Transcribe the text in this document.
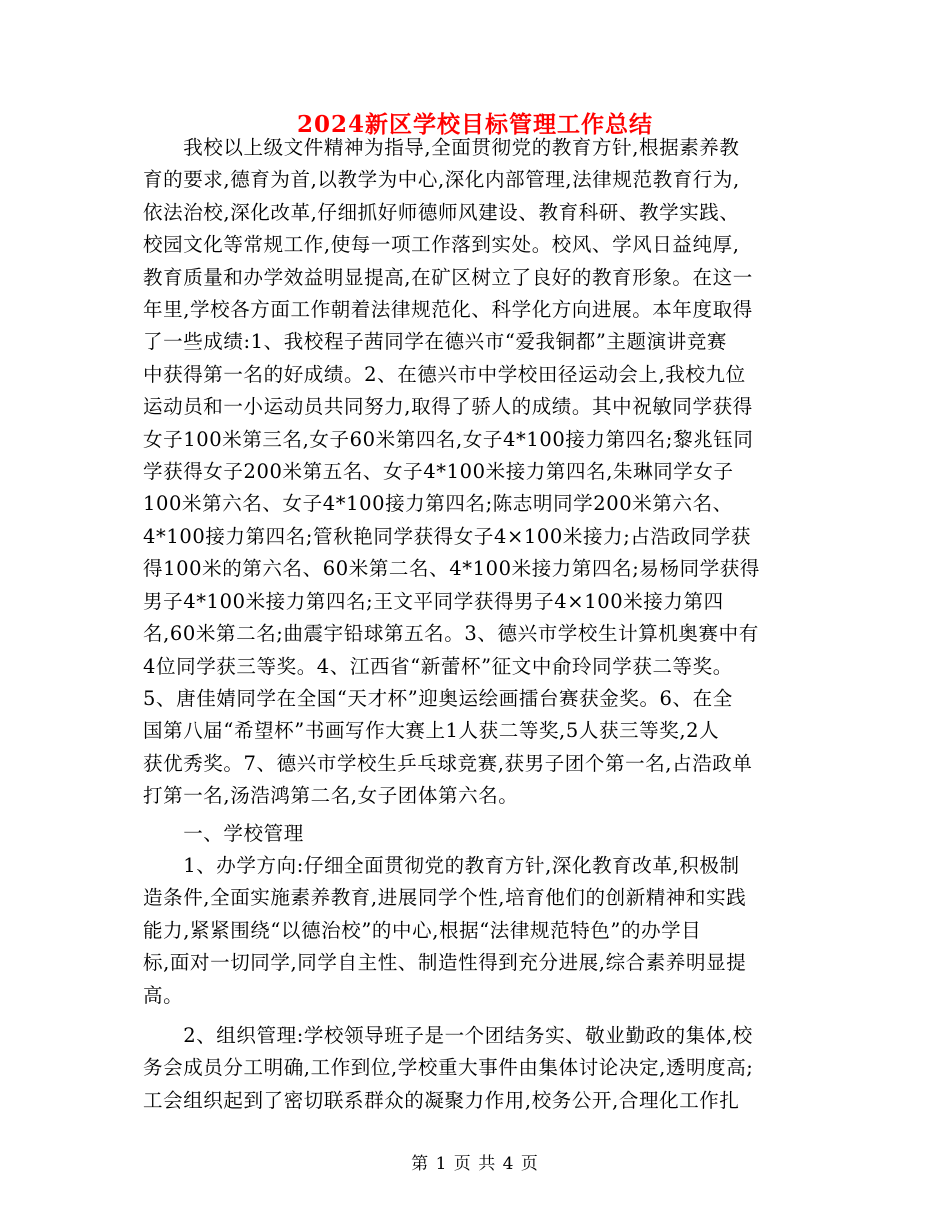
2024新区学校目标管理工作总结
　　我校以上级文件精神为指导,全面贯彻党的教育方针,根据素养教
育的要求,德育为首,以教学为中心,深化内部管理,法律规范教育行为,
依法治校,深化改革,仔细抓好师德师风建设、教育科研、教学实践、
校园文化等常规工作,使每一项工作落到实处。校风、学风日益纯厚,
教育质量和办学效益明显提高,在矿区树立了良好的教育形象。在这一
年里,学校各方面工作朝着法律规范化、科学化方向进展。本年度取得
了一些成绩:1、我校程子茜同学在德兴市“爱我铜都”主题演讲竞赛
中获得第一名的好成绩。2、在德兴市中学校田径运动会上,我校九位
运动员和一小运动员共同努力,取得了骄人的成绩。其中祝敏同学获得
女子100米第三名,女子60米第四名,女子4*100接力第四名;黎兆钰同
学获得女子200米第五名、女子4*100米接力第四名,朱琳同学女子
100米第六名、女子4*100接力第四名;陈志明同学200米第六名、
4*100接力第四名;管秋艳同学获得女子4×100米接力;占浩政同学获
得100米的第六名、60米第二名、4*100米接力第四名;易杨同学获得
男子4*100米接力第四名;王文平同学获得男子4×100米接力第四
名,60米第二名;曲震宇铅球第五名。3、德兴市学校生计算机奥赛中有
4位同学获三等奖。4、江西省“新蕾杯”征文中俞玲同学获二等奖。
5、唐佳婧同学在全国“天才杯”迎奥运绘画擂台赛获金奖。6、在全
国第八届“希望杯”书画写作大赛上1人获二等奖,5人获三等奖,2人
获优秀奖。7、德兴市学校生乒乓球竞赛,获男子团个第一名,占浩政单
打第一名,汤浩鸿第二名,女子团体第六名。
　　一、学校管理
　　1、办学方向:仔细全面贯彻党的教育方针,深化教育改革,积极制
造条件,全面实施素养教育,进展同学个性,培育他们的创新精神和实践
能力,紧紧围绕“以德治校”的中心,根据“法律规范特色”的办学目
标,面对一切同学,同学自主性、制造性得到充分进展,综合素养明显提
高。
　　2、组织管理:学校领导班子是一个团结务实、敬业勤政的集体,校
务会成员分工明确,工作到位,学校重大事件由集体讨论决定,透明度高;
工会组织起到了密切联系群众的凝聚力作用,校务公开,合理化工作扎
第 1 页 共 4 页
